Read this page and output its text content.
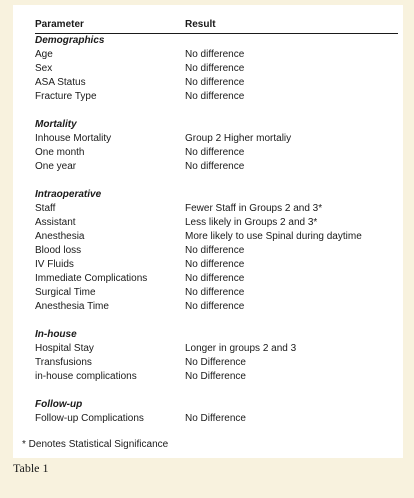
Parameter	Result
Demographics
Age	No difference
Sex	No difference
ASA Status	No difference
Fracture Type	No difference
Mortality
Inhouse Mortality	Group 2 Higher mortaliy
One month	No difference
One year	No difference
Intraoperative
Staff	Fewer Staff in Groups 2 and 3*
Assistant	Less likely in Groups 2 and 3*
Anesthesia	More likely to use Spinal during daytime
Blood loss	No difference
IV Fluids	No difference
Immediate Complications	No difference
Surgical Time	No difference
Anesthesia Time	No difference
In-house
Hospital Stay	Longer in groups 2 and 3
Transfusions	No Difference
in-house complications	No Difference
Follow-up
Follow-up Complications	No Difference
* Denotes Statistical Significance
Table 1
